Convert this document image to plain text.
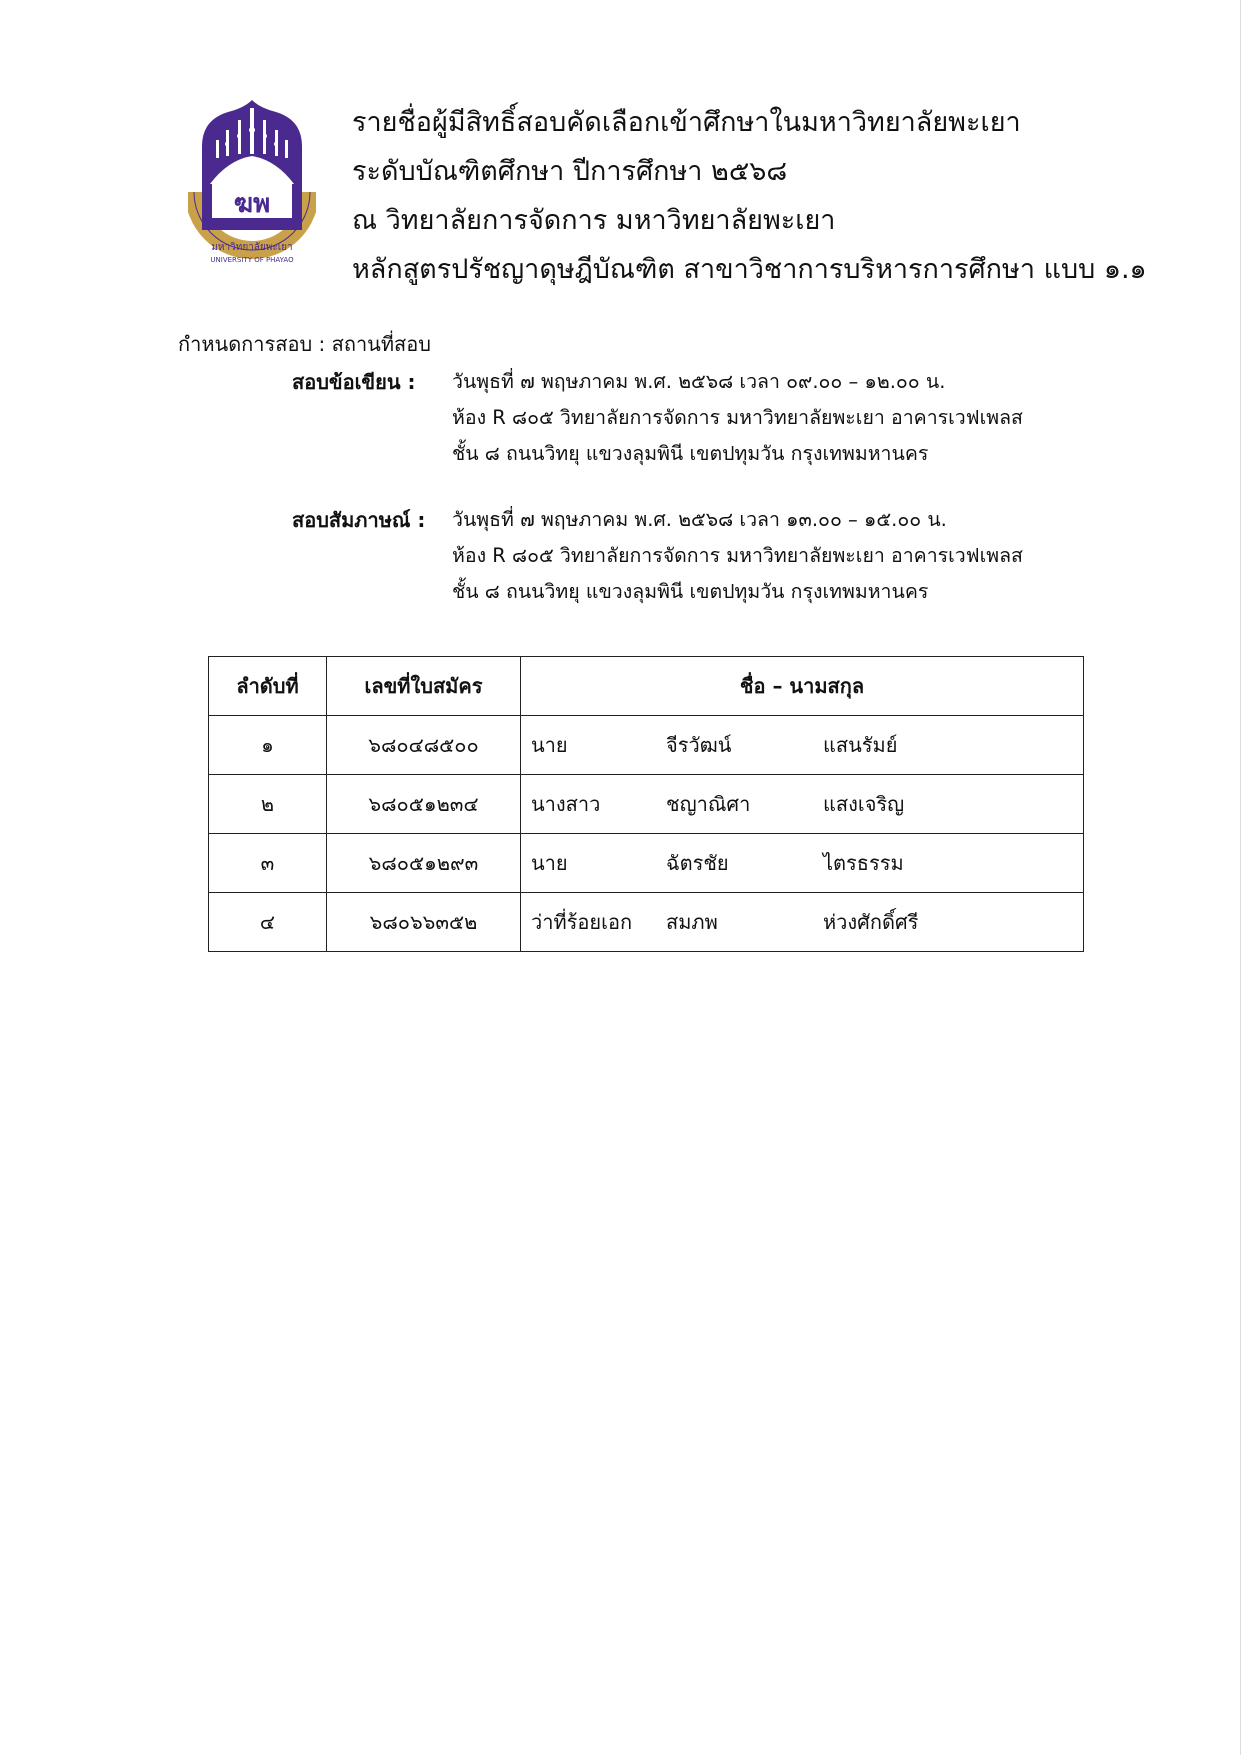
ฆพ
มหาวิทยาลัยพะเยา
UNIVERSITY OF PHAYAO
รายชื่อผู้มีสิทธิ์สอบคัดเลือกเข้าศึกษาในมหาวิทยาลัยพะเยา
ระดับบัณฑิตศึกษา ปีการศึกษา ๒๕๖๘
ณ วิทยาลัยการจัดการ มหาวิทยาลัยพะเยา
หลักสูตรปรัชญาดุษฎีบัณฑิต สาขาวิชาการบริหารการศึกษา แบบ ๑.๑
กำหนดการสอบ : สถานที่สอบ
สอบข้อเขียน :	วันพุธที่ ๗ พฤษภาคม พ.ศ. ๒๕๖๘ เวลา ๐๙.๐๐ – ๑๒.๐๐ น.
ห้อง R ๘๐๕ วิทยาลัยการจัดการ มหาวิทยาลัยพะเยา อาคารเวฟเพลส
ชั้น ๘ ถนนวิทยุ แขวงลุมพินี เขตปทุมวัน กรุงเทพมหานคร
สอบสัมภาษณ์ :	วันพุธที่ ๗ พฤษภาคม พ.ศ. ๒๕๖๘ เวลา ๑๓.๐๐ – ๑๕.๐๐ น.
ห้อง R ๘๐๕ วิทยาลัยการจัดการ มหาวิทยาลัยพะเยา อาคารเวฟเพลส
ชั้น ๘ ถนนวิทยุ แขวงลุมพินี เขตปทุมวัน กรุงเทพมหานคร
ลำดับที่	เลขที่ใบสมัคร	ชื่อ – นามสกุล
๑	๖๘๐๔๘๕๐๐	นาย จีรวัฒน์ แสนรัมย์

๒	๖๘๐๕๑๒๓๔	นางสาว ชญาณิศา แสงเจริญ

๓	๖๘๐๕๑๒๙๓	นาย ฉัตรชัย ไตรธรรม

๔	๖๘๐๖๖๓๕๒	ว่าที่ร้อยเอก สมภพ ห่วงศักดิ์ศรี
